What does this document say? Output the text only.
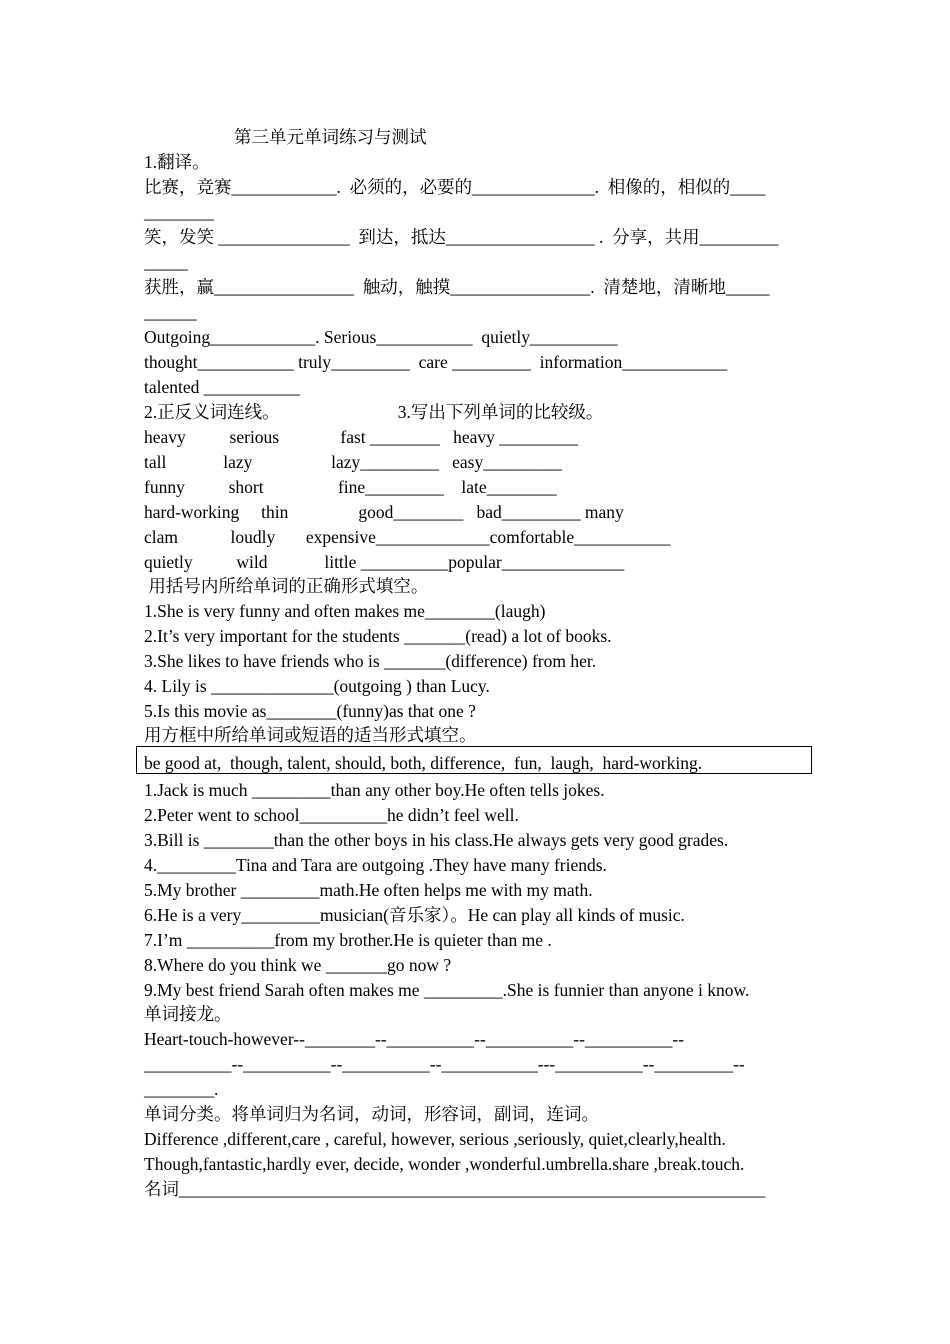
第三单元单词练习与测试
1.翻译。
比赛，竞赛____________.  必须的，必要的______________.  相像的，相似的____
________
笑，发笑 _______________  到达，抵达_________________ .  分享，共用_________
_____
获胜，赢________________  触动，触摸________________.  清楚地，清晰地_____
______
Outgoing____________. Serious___________  quietly__________
thought___________ truly_________  care _________  information____________
talented ___________
2.正反义词连线。                           3.写出下列单词的比较级。
heavy          serious              fast ________   heavy _________
tall             lazy                  lazy_________   easy_________
funny          short                 fine_________    late________
hard-working     thin                good________   bad_________ many
clam            loudly       expensive_____________comfortable___________
quietly          wild             little __________popular______________
用括号内所给单词的正确形式填空。
1.She is very funny and often makes me________(laugh)
2.It’s very important for the students _______(read) a lot of books.
3.She likes to have friends who is _______(difference) from her.
4. Lily is ______________(outgoing ) than Lucy.
5.Is this movie as________(funny)as that one ?
用方框中所给单词或短语的适当形式填空。
be good at,  though, talent, should, both, difference,  fun,  laugh,  hard-working.
1.Jack is much _________than any other boy.He often tells jokes.
2.Peter went to school__________he didn’t feel well.
3.Bill is ________than the other boys in his class.He always gets very good grades.
4._________Tina and Tara are outgoing .They have many friends.
5.My brother _________math.He often helps me with my math.
6.He is a very_________musician(音乐家）。He can play all kinds of music.
7.I’m __________from my brother.He is quieter than me .
8.Where do you think we _______go now ?
9.My best friend Sarah often makes me _________.She is funnier than anyone i know.
单词接龙。
Heart-touch-however--________--__________--__________--__________--
__________--__________--__________--___________---__________--_________--
________.
单词分类。将单词归为名词，动词，形容词，副词，连词。
Difference ,different,care , careful, however, serious ,seriously, quiet,clearly,health.
Though,fantastic,hardly ever, decide, wonder ,wonderful.umbrella.share ,break.touch.
名词___________________________________________________________________
